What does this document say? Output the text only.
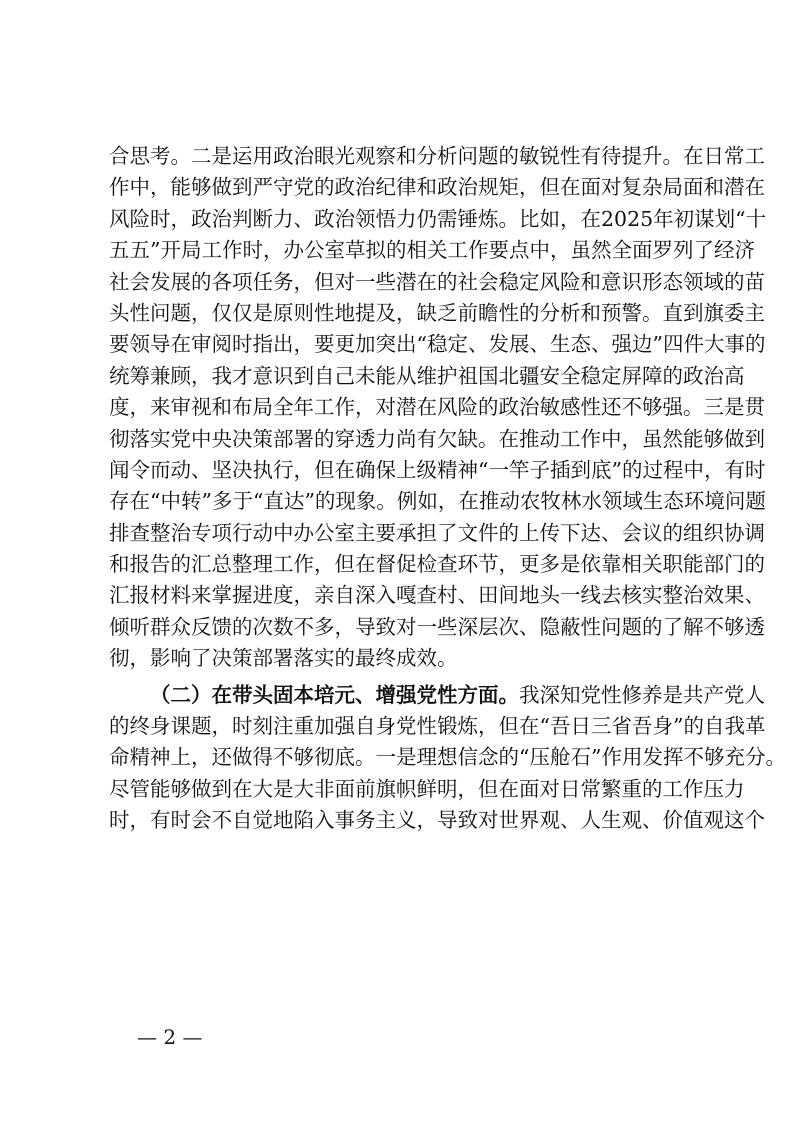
合思考。二是运用政治眼光观察和分析问题的敏锐性有待提升。在日常工
作中，能够做到严守党的政治纪律和政治规矩，但在面对复杂局面和潜在
风险时，政治判断力、政治领悟力仍需锤炼。比如，在2025年初谋划“十
五五”开局工作时，办公室草拟的相关工作要点中，虽然全面罗列了经济
社会发展的各项任务，但对一些潜在的社会稳定风险和意识形态领域的苗
头性问题，仅仅是原则性地提及，缺乏前瞻性的分析和预警。直到旗委主
要领导在审阅时指出，要更加突出“稳定、发展、生态、强边”四件大事的
统筹兼顾，我才意识到自己未能从维护祖国北疆安全稳定屏障的政治高
度，来审视和布局全年工作，对潜在风险的政治敏感性还不够强。三是贯
彻落实党中央决策部署的穿透力尚有欠缺。在推动工作中，虽然能够做到
闻令而动、坚决执行，但在确保上级精神“一竿子插到底”的过程中，有时
存在“中转”多于“直达”的现象。例如，在推动农牧林水领域生态环境问题
排查整治专项行动中办公室主要承担了文件的上传下达、会议的组织协调
和报告的汇总整理工作，但在督促检查环节，更多是依靠相关职能部门的
汇报材料来掌握进度，亲自深入嘎查村、田间地头一线去核实整治效果、
倾听群众反馈的次数不多，导致对一些深层次、隐蔽性问题的了解不够透
彻，影响了决策部署落实的最终成效。
（二）在带头固本培元、增强党性方面。我深知党性修养是共产党人
的终身课题，时刻注重加强自身党性锻炼，但在“吾日三省吾身”的自我革
命精神上，还做得不够彻底。一是理想信念的“压舱石”作用发挥不够充分。
尽管能够做到在大是大非面前旗帜鲜明，但在面对日常繁重的工作压力
时，有时会不自觉地陷入事务主义，导致对世界观、人生观、价值观这个
— 2 —
